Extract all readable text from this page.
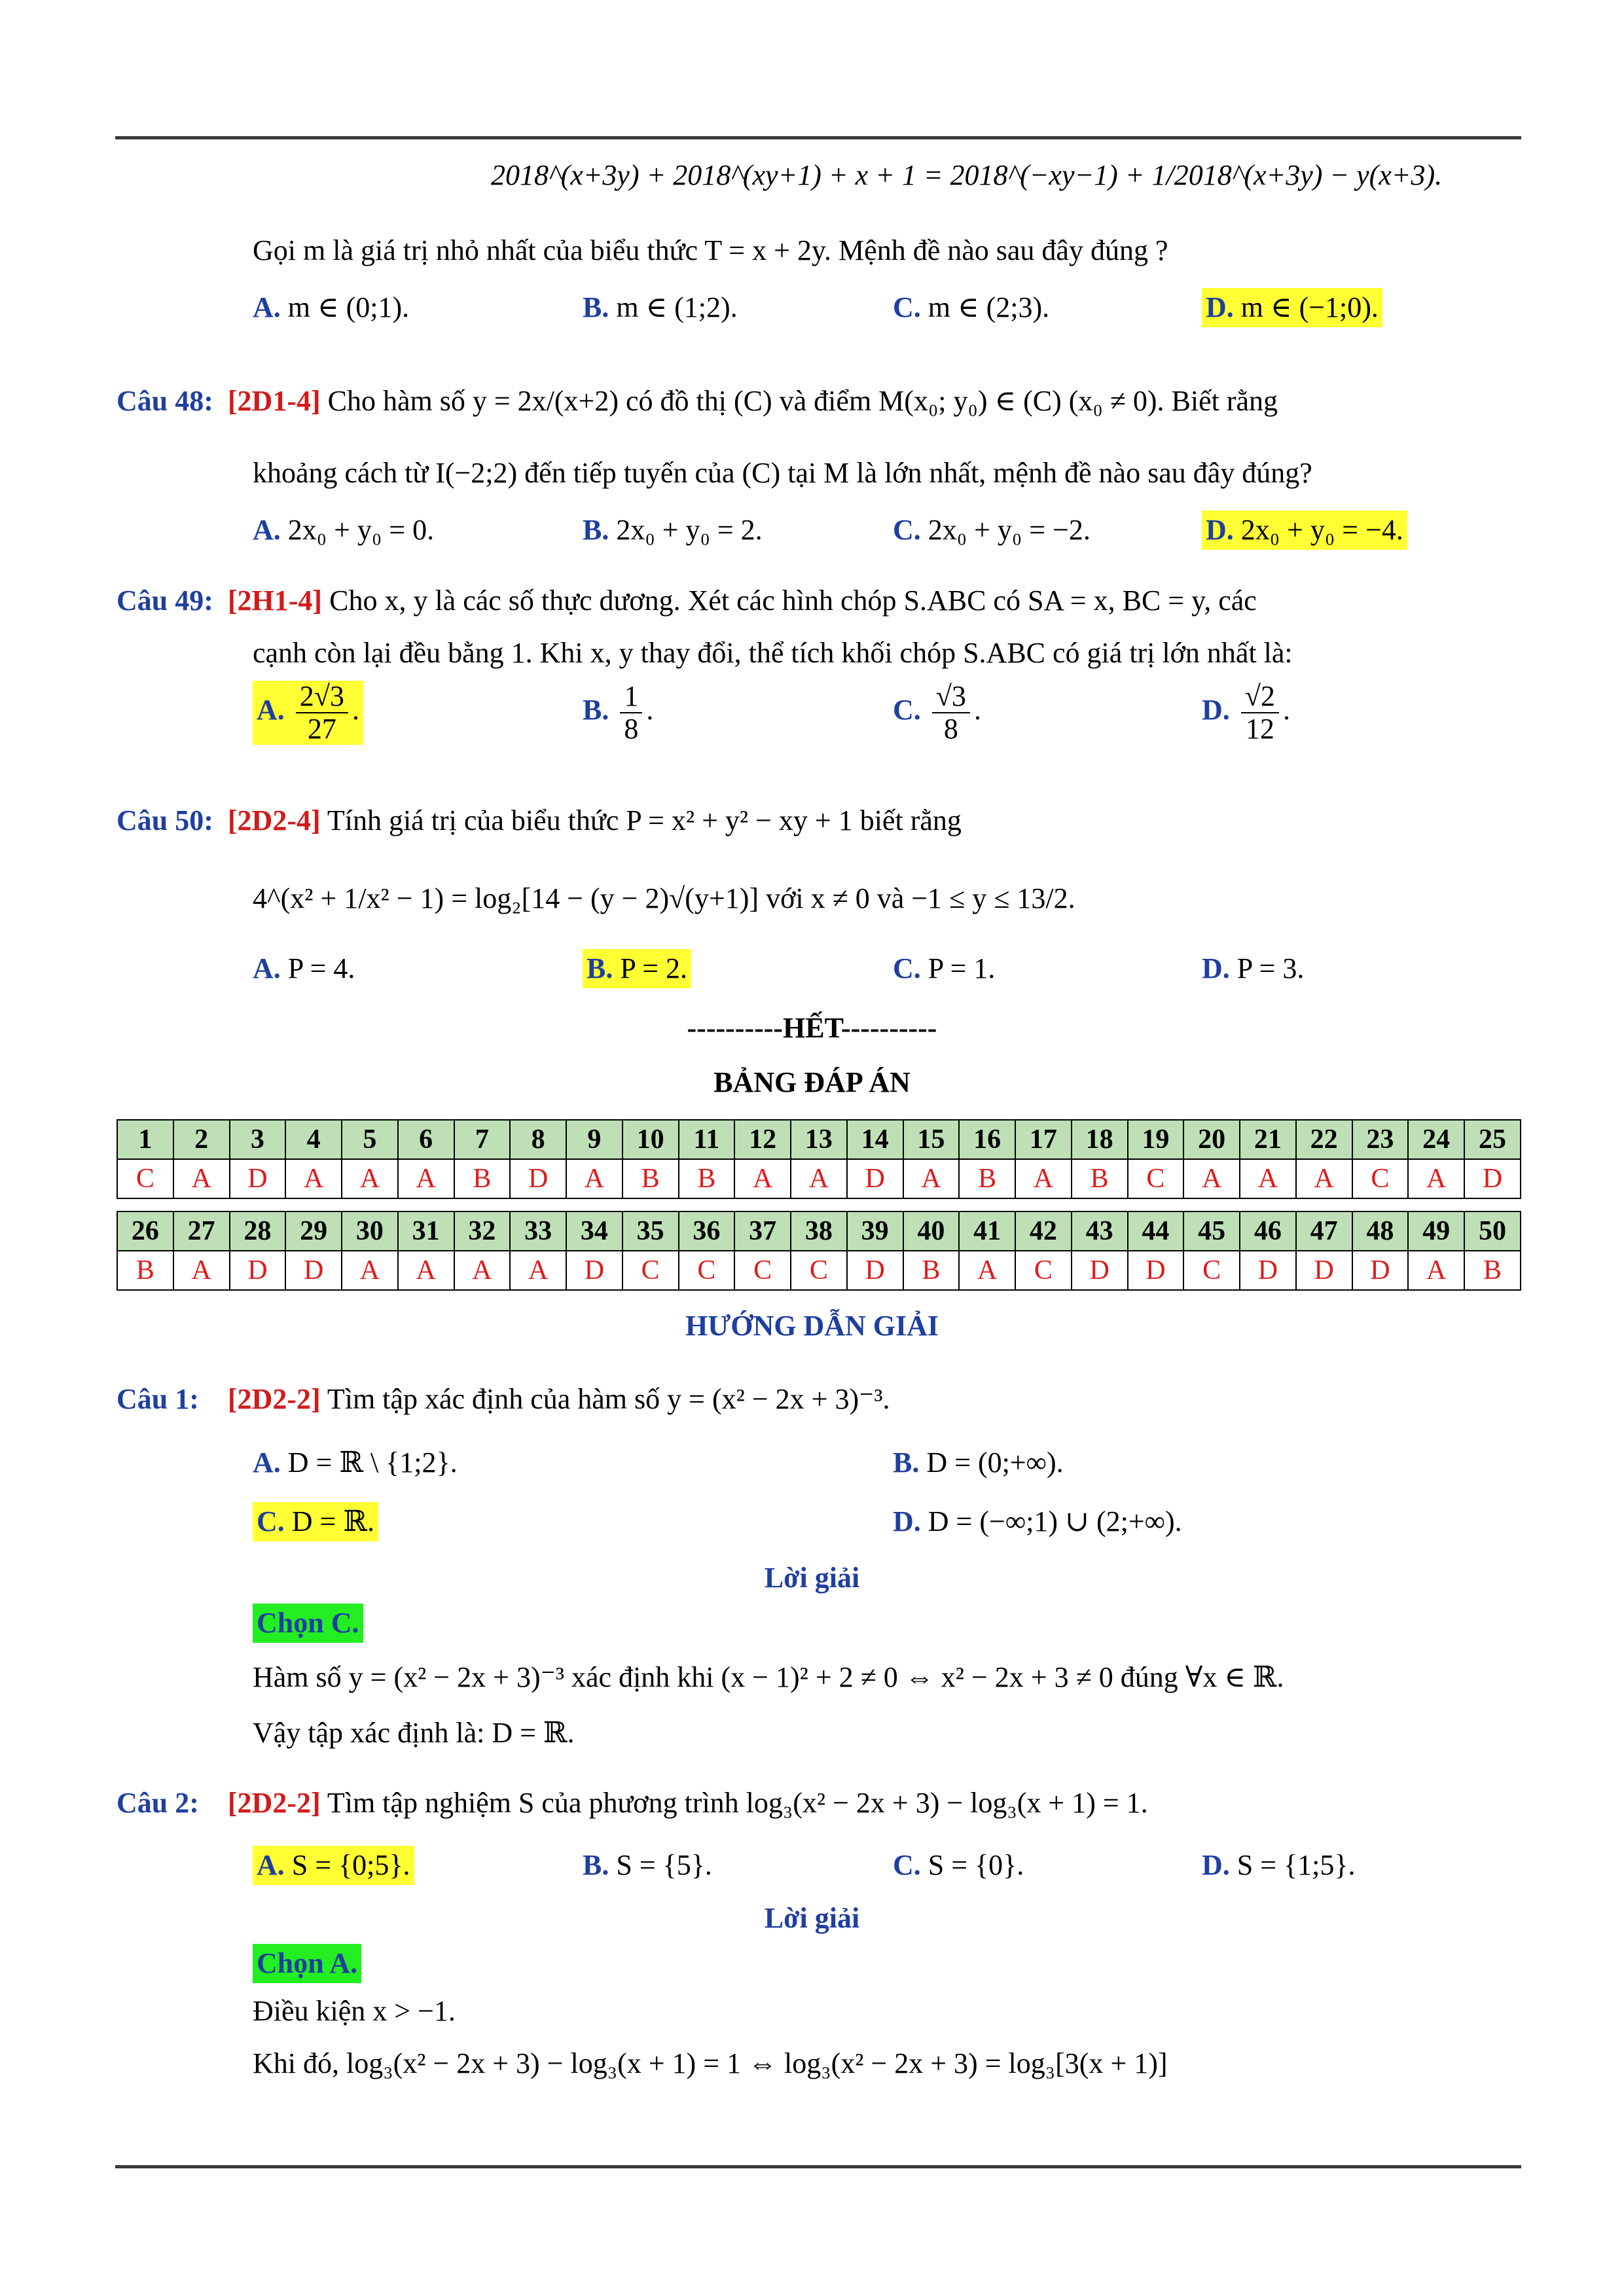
2018^(x+3y) + 2018^(xy+1) + x + 1 = 2018^(−xy−1) + 1/2018^(x+3y) − y(x+3).
Gọi m là giá trị nhỏ nhất của biểu thức T = x + 2y. Mệnh đề nào sau đây đúng ?
A. m ∈ (0;1).	B. m ∈ (1;2).	C. m ∈ (2;3).	D. m ∈ (−1;0).
Câu 48: [2D1-4] Cho hàm số y = 2x/(x+2) có đồ thị (C) và điểm M(x₀; y₀) ∈ (C) (x₀ ≠ 0). Biết rằng
khoảng cách từ I(−2;2) đến tiếp tuyến của (C) tại M là lớn nhất, mệnh đề nào sau đây đúng?
A. 2x₀ + y₀ = 0.	B. 2x₀ + y₀ = 2.	C. 2x₀ + y₀ = −2.	D. 2x₀ + y₀ = −4.
Câu 49: [2H1-4] Cho x, y là các số thực dương. Xét các hình chóp S.ABC có SA = x, BC = y, các
cạnh còn lại đều bằng 1. Khi x, y thay đổi, thể tích khối chóp S.ABC có giá trị lớn nhất là:
A. $\frac{2√3}{27}$ .	B. $\frac{1}{8}$ .	C. $\frac{√3}{8}$ .	D. $\frac{√2}{12}$ .
Câu 50: [2D2-4] Tính giá trị của biểu thức P = x² + y² − xy + 1 biết rằng
4^(x² + 1/x² − 1) = log₂[14 − (y − 2)√(y+1)] với x ≠ 0 và −1 ≤ y ≤ 13/2.
A. P = 4.	B. P = 2.	C. P = 1.	D. P = 3.
----------HẾT----------
BẢNG ĐÁP ÁN
1	2	3	4	5	6	7	8	9	10	11	12	13	14	15	16	17	18	19	20	21	22	23	24	25
C	A	D	A	A	A	B	D	A	B	B	A	A	D	A	B	A	B	C	A	A	A	C	A	D
26	27	28	29	30	31	32	33	34	35	36	37	38	39	40	41	42	43	44	45	46	47	48	49	50
B	A	D	D	A	A	A	A	D	C	C	C	C	D	B	A	C	D	D	C	D	D	D	A	B
HƯỚNG DẪN GIẢI
Câu 1: [2D2-2] Tìm tập xác định của hàm số y = (x² − 2x + 3)⁻³.
A. D = ℝ \ {1;2}.	B. D = (0;+∞).
C. D = ℝ.	D. D = (−∞;1) ∪ (2;+∞).
Lời giải
Chọn C.
Hàm số y = (x² − 2x + 3)⁻³ xác định khi (x − 1)² + 2 ≠ 0 ⇔ x² − 2x + 3 ≠ 0 đúng ∀x ∈ ℝ.
Vậy tập xác định là: D = ℝ.
Câu 2: [2D2-2] Tìm tập nghiệm S của phương trình log₃(x² − 2x + 3) − log₃(x + 1) = 1.
A. S = {0;5}.	B. S = {5}.	C. S = {0}.	D. S = {1;5}.
Lời giải
Chọn A.
Điều kiện x > −1.
Khi đó, log₃(x² − 2x + 3) − log₃(x + 1) = 1 ⇔ log₃(x² − 2x + 3) = log₃[3(x + 1)]
